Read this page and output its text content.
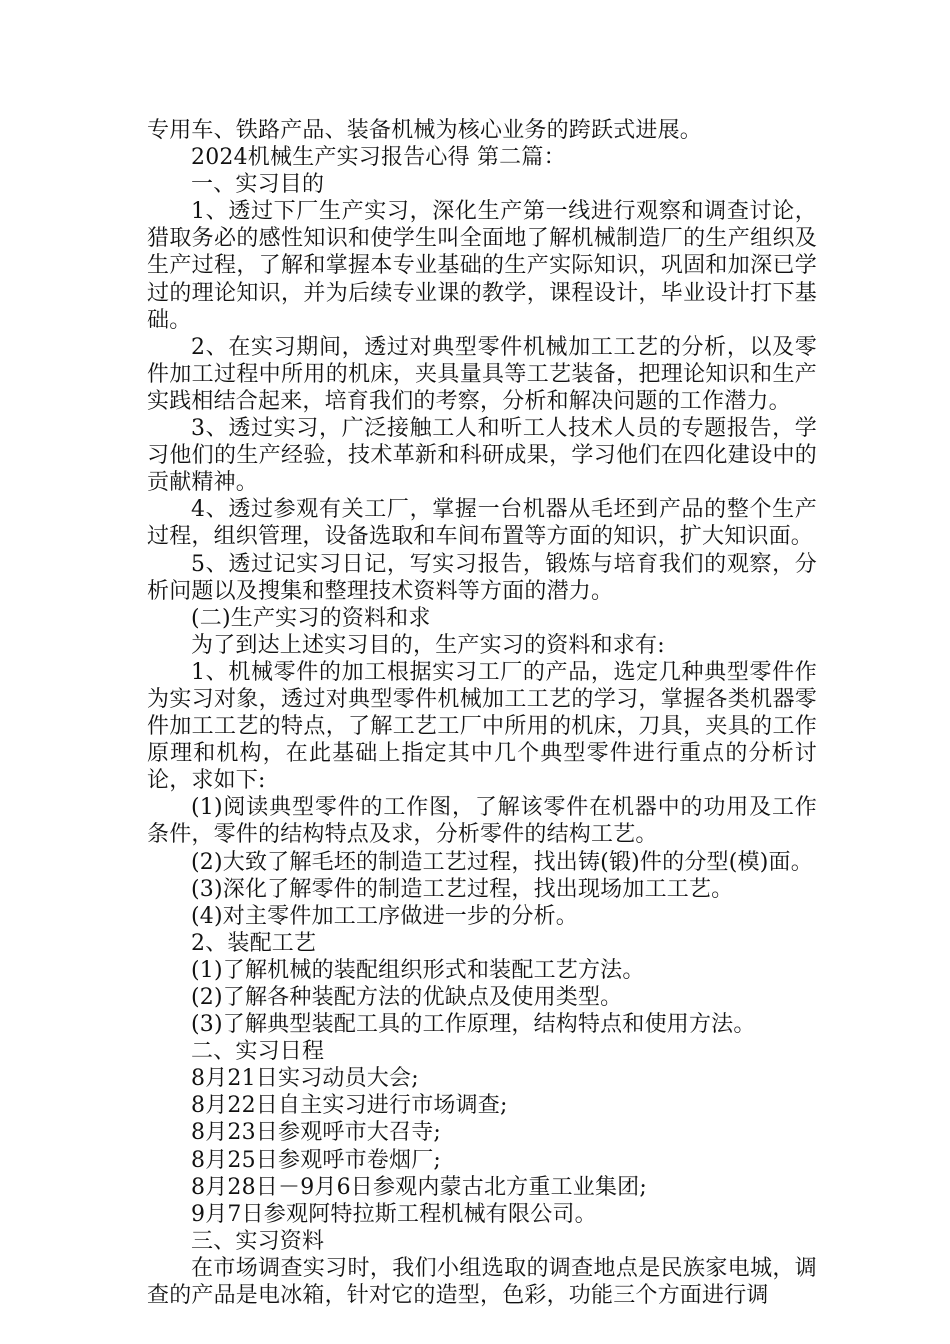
专用车、铁路产品、装备机械为核心业务的跨跃式进展。

2024机械生产实习报告心得 第二篇：

一、实习目的

1、透过下厂生产实习，深化生产第一线进行观察和调查讨论，猎取务必的感性知识和使学生叫全面地了解机械制造厂的生产组织及生产过程，了解和掌握本专业基础的生产实际知识，巩固和加深已学过的理论知识，并为后续专业课的教学，课程设计，毕业设计打下基础。

2、在实习期间，透过对典型零件机械加工工艺的分析，以及零件加工过程中所用的机床，夹具量具等工艺装备，把理论知识和生产实践相结合起来，培育我们的考察，分析和解决问题的工作潜力。

3、透过实习，广泛接触工人和听工人技术人员的专题报告，学习他们的生产经验，技术革新和科研成果，学习他们在四化建设中的贡献精神。

4、透过参观有关工厂，掌握一台机器从毛坯到产品的整个生产过程，组织管理，设备选取和车间布置等方面的知识，扩大知识面。

5、透过记实习日记，写实习报告，锻炼与培育我们的观察，分析问题以及搜集和整理技术资料等方面的潜力。

(二)生产实习的资料和求

为了到达上述实习目的，生产实习的资料和求有:

1、机械零件的加工根据实习工厂的产品，选定几种典型零件作为实习对象，透过对典型零件机械加工工艺的学习，掌握各类机器零件加工工艺的特点，了解工艺工厂中所用的机床，刀具，夹具的工作原理和机构，在此基础上指定其中几个典型零件进行重点的分析讨论，求如下:

(1)阅读典型零件的工作图，了解该零件在机器中的功用及工作条件，零件的结构特点及求，分析零件的结构工艺。

(2)大致了解毛坯的制造工艺过程，找出铸(锻)件的分型(模)面。

(3)深化了解零件的制造工艺过程，找出现场加工工艺。

(4)对主零件加工工序做进一步的分析。

2、装配工艺

(1)了解机械的装配组织形式和装配工艺方法。

(2)了解各种装配方法的优缺点及使用类型。

(3)了解典型装配工具的工作原理，结构特点和使用方法。

二、实习日程

8月21日实习动员大会;

8月22日自主实习进行市场调查;

8月23日参观呼市大召寺;

8月25日参观呼市卷烟厂;

8月28日－9月6日参观内蒙古北方重工业集团;

9月7日参观阿特拉斯工程机械有限公司。

三、实习资料

在市场调查实习时，我们小组选取的调查地点是民族家电城，调查的产品是电冰箱，针对它的造型，色彩，功能三个方面进行调
